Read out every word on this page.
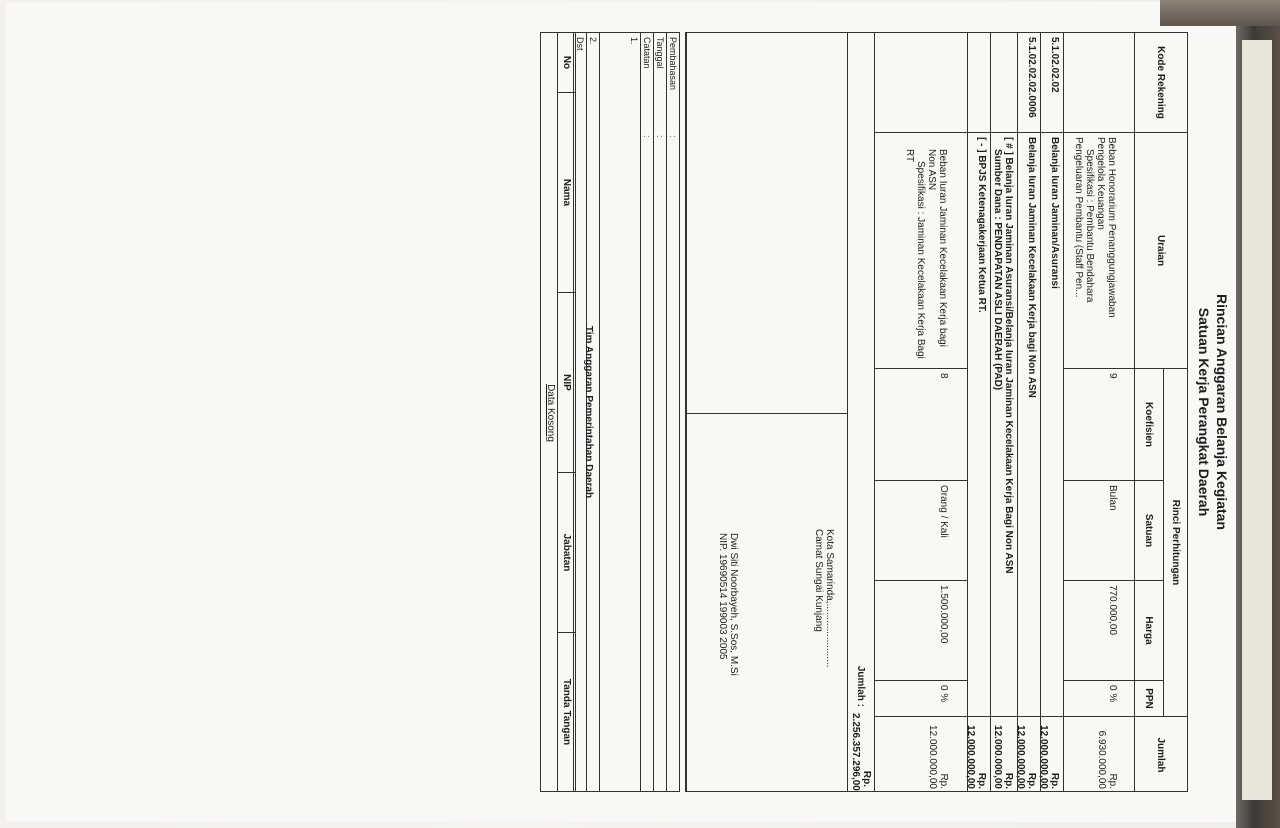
Rincian Anggaran Belanja Kegiatan
Satuan Kerja Perangkat Daerah
Kode Rekening
Uraian
Rinci Perhitungan
Koefisien
Satuan
Harga
PPN
Jumlah
Beban Honorarium Penanggungjawaban
Pengelola Keuangan
Spesifikasi : Pembantu Bendahara
Pengeluaran Pembantu (Staff Pen...
9
Bulan
770.000,00
0 %
Rp. 6.930.000,00
5.1.02.02.02
Belanja Iuran Jaminan/Asuransi
Rp. 12.000.000,00
5.1.02.02.02.0006
Belanja Iuran Jaminan Kecelakaan Kerja bagi Non ASN
Rp. 12.000.000,00
[ # ] Belanja Iuran Jaminan Asuransi/Belanja Iuran Jaminan Kecelakaan Kerja Bagi Non ASN
Sumber Dana : PENDAPATAN ASLI DAERAH (PAD)
Rp. 12.000.000,00
[ - ] BPJS Ketenagakerjaan Ketua RT.
Rp. 12.000.000,00
Beban Iuran Jaminan Kecelakaan Kerja bagi
Non ASN
Spesifikasi : Jaminan Kecelakaan Kerja Bagi
RT
8
Orang / Kali
1.500.000,00
0 %
Rp. 12.000.000,00
Jumlah :
Rp.
2.256.357.296,00
Kota Samarinda,.......................
Camat Sungai Kunjang
Dwi Siti Noorbayeh, S.Sos, M.Si
NIP. 19690514 199003 2005
Pembahasan
:
Tanggal
:
Catatan
:
1.
2.
Dst
Tim Anggaran Pemerintahan Daerah
No
Nama
NIP
Jabatan
Tanda Tangan
Data Kosong
